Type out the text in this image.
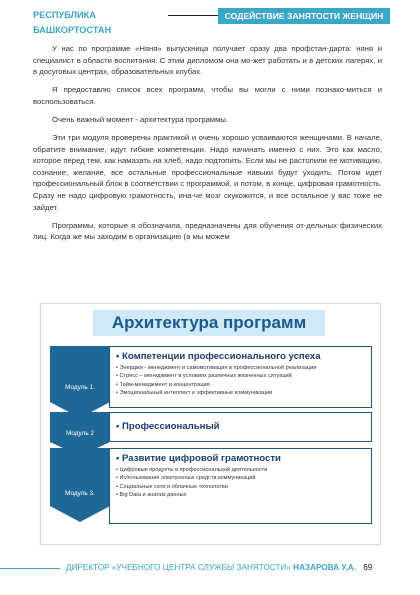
РЕСПУБЛИКА БАШКОРТОСТАН
СОДЕЙСТВИЕ ЗАНЯТОСТИ ЖЕНЩИН

У нас по программе «Няня» выпускница получает сразу два профстан-дарта: няня и специалист в области воспитания. С этим дипломом она мо-жет работать и в детских лагерях, и в досуговых центрах, образовательных клубах.

Я предоставлю список всех программ, чтобы вы могли с ними познако-миться и воспользоваться.

Очень важный момент - архитектура программы.

Эти три модуля проверены практикой и очень хорошо усваиваются женщинами. В начале, обратите внимание, идут гибкие компетенции. Надо начинать именно с них. Это как масло, которое перед тем, как намазать на хлеб, надо подтопить. Если мы не растопили ее мотивацию, сознание, желание, все остальные профессиональные навыки будут уходить. Потом идет профессиональный блок в соответствии с программой, и потом, в конце, цифровая грамотность. Сразу не надо цифровую грамотность, ина-че мозг скукожится, и все остальное у вас тоже не зайдет.

Программы, которые я обозначила, предназначены для обучения от-дельных физических лиц. Когда же мы заходим в организацию (а мы можем

Архитектура программ
Модуль 1.
• Компетенции профессионального успеха
• Энерджи - менеджмент и самомотивация в профессиональной реализации
• Стресс – менеджмент в условиях различных жизненных ситуаций
• Тайм-менеджмент и концентрация
• Эмоциональный интеллект и эффективные коммуникации
Модуль 2
• Профессиональный
Модуль 3.
• Развитие цифровой грамотности
• Цифровые продукты в профессиональной деятельности
• Использование электронных средств коммуникаций
• Социальные сети и облачные технологии
• Big Data и анализ данных
ДИРЕКТОР «УЧЕБНОГО ЦЕНТРА СЛУЖБЫ ЗАНЯТОСТИ» НАЗАРОВА У.А. 69
